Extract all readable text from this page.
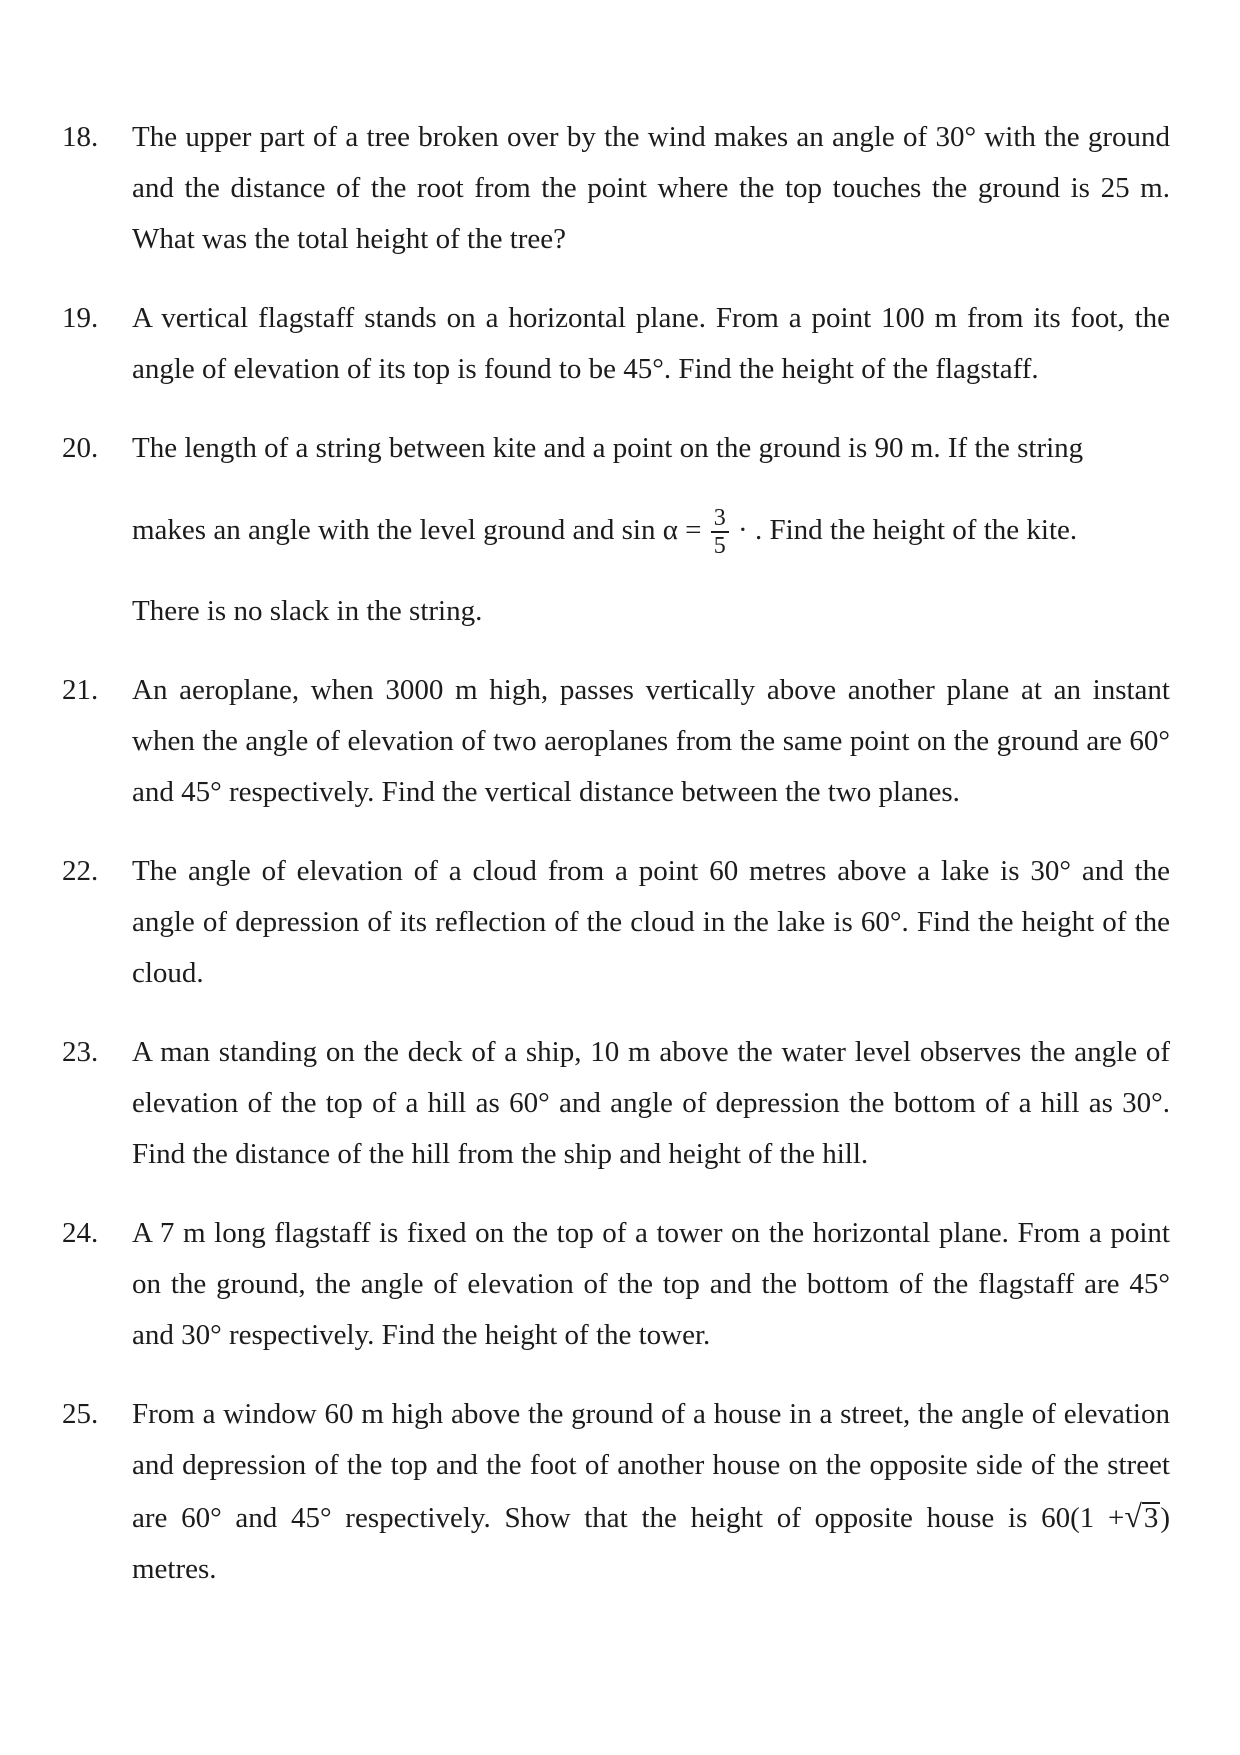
18.	The upper part of a tree broken over by the wind makes an angle of 30° with the ground and the distance of the root from the point where the top touches the ground is 25 m. What was the total height of the tree?
19.	A vertical flagstaff stands on a horizontal plane. From a point 100 m from its foot, the angle of elevation of its top is found to be 45°. Find the height of the flagstaff.
20.	The length of a string between kite and a point on the ground is 90 m. If the string

makes an angle with the level ground and $\sin \alpha = \frac{3}{5}$ · . Find the height of the kite.

There is no slack in the string.

21.	An aeroplane, when 3000 m high, passes vertically above another plane at an instant when the angle of elevation of two aeroplanes from the same point on the ground are 60° and 45° respectively. Find the vertical distance between the two planes.
22.	The angle of elevation of a cloud from a point 60 metres above a lake is 30° and the angle of depression of its reflection of the cloud in the lake is 60°. Find the height of the cloud.
23.	A man standing on the deck of a ship, 10 m above the water level observes the angle of elevation of the top of a hill as 60° and angle of depression the bottom of a hill as 30°. Find the distance of the hill from the ship and height of the hill.
24.	A 7 m long flagstaff is fixed on the top of a tower on the horizontal plane. From a point on the ground, the angle of elevation of the top and the bottom of the flagstaff are 45° and 30° respectively. Find the height of the tower.
25.	From a window 60 m high above the ground of a house in a street, the angle of elevation and depression of the top and the foot of another house on the opposite side of the street are 60° and 45° respectively. Show that the height of opposite house is 60(1 +√3) metres.
